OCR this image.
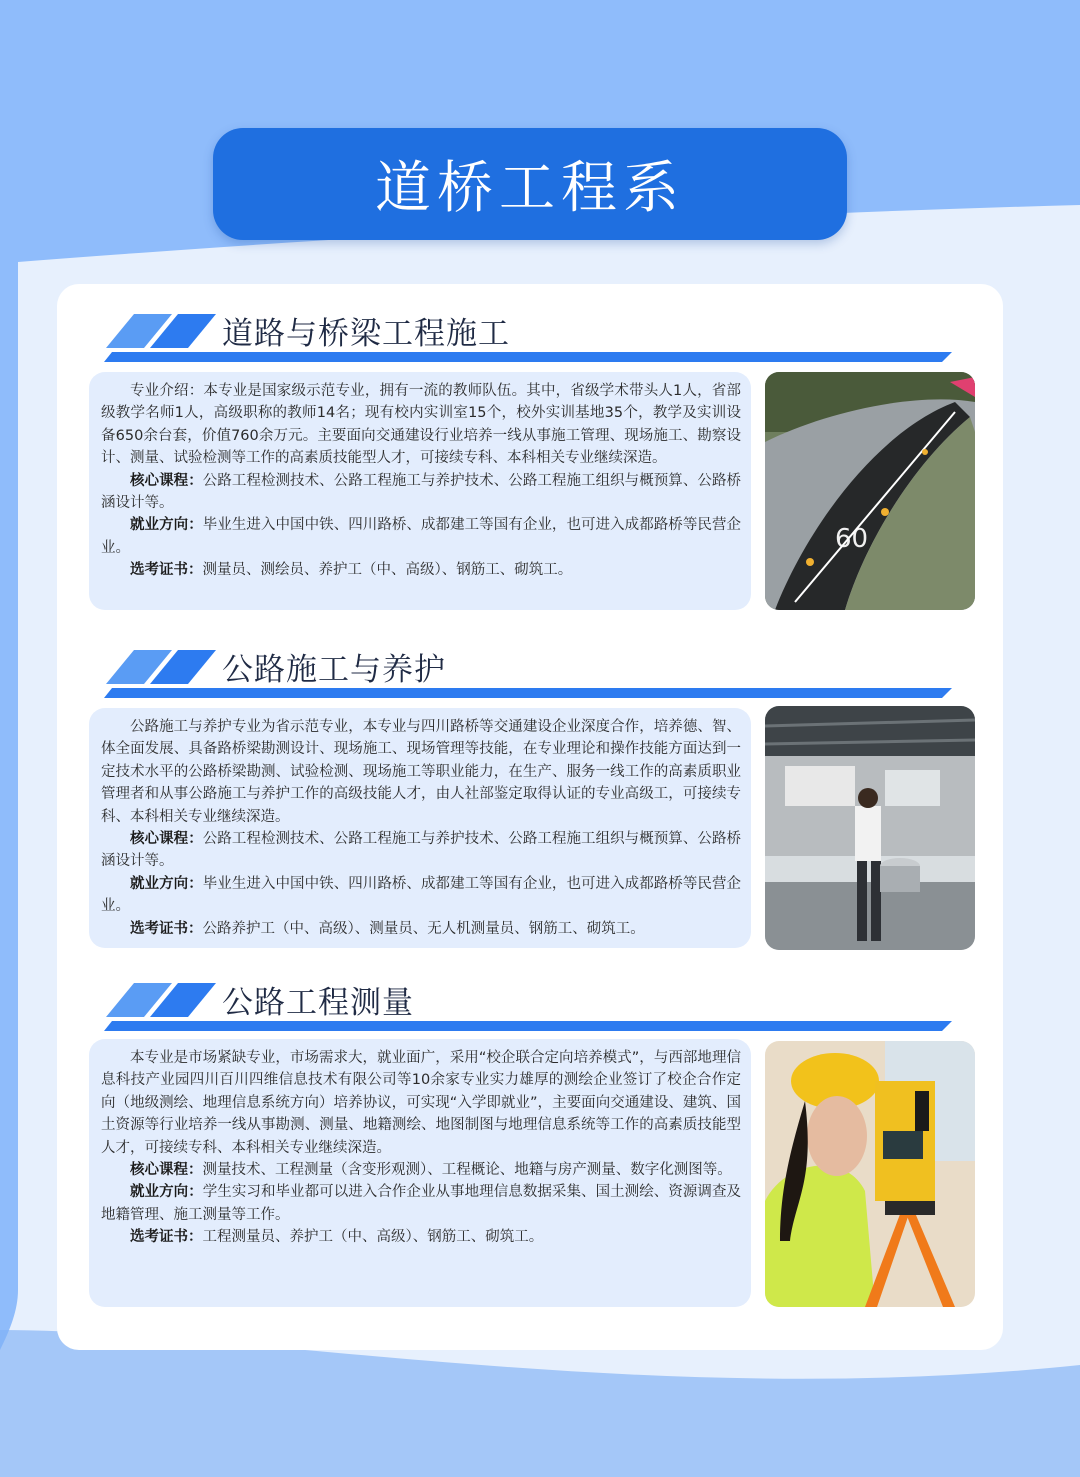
道桥工程系
道路与桥梁工程施工

专业介绍：本专业是国家级示范专业，拥有一流的教师队伍。其中，省级学术带头人1人，省部级教学名师1人，高级职称的教师14名；现有校内实训室15个，校外实训基地35个，教学及实训设备650余台套，价值760余万元。主要面向交通建设行业培养一线从事施工管理、现场施工、勘察设计、测量、试验检测等工作的高素质技能型人才，可接续专科、本科相关专业继续深造。

核心课程：公路工程检测技术、公路工程施工与养护技术、公路工程施工组织与概预算、公路桥涵设计等。

就业方向：毕业生进入中国中铁、四川路桥、成都建工等国有企业，也可进入成都路桥等民营企业。

选考证书：测量员、测绘员、养护工（中、高级）、钢筋工、砌筑工。

60
公路施工与养护

公路施工与养护专业为省示范专业，本专业与四川路桥等交通建设企业深度合作，培养德、智、体全面发展、具备路桥梁勘测设计、现场施工、现场管理等技能，在专业理论和操作技能方面达到一定技术水平的公路桥梁勘测、试验检测、现场施工等职业能力，在生产、服务一线工作的高素质职业管理者和从事公路施工与养护工作的高级技能人才，由人社部鉴定取得认证的专业高级工，可接续专科、本科相关专业继续深造。

核心课程：公路工程检测技术、公路工程施工与养护技术、公路工程施工组织与概预算、公路桥涵设计等。

就业方向：毕业生进入中国中铁、四川路桥、成都建工等国有企业，也可进入成都路桥等民营企业。

选考证书：公路养护工（中、高级）、测量员、无人机测量员、钢筋工、砌筑工。

公路工程测量

本专业是市场紧缺专业，市场需求大，就业面广，采用“校企联合定向培养模式”，与西部地理信息科技产业园四川百川四维信息技术有限公司等10余家专业实力雄厚的测绘企业签订了校企合作定向（地级测绘、地理信息系统方向）培养协议，可实现“入学即就业”，主要面向交通建设、建筑、国土资源等行业培养一线从事勘测、测量、地籍测绘、地图制图与地理信息系统等工作的高素质技能型人才，可接续专科、本科相关专业继续深造。

核心课程：测量技术、工程测量（含变形观测）、工程概论、地籍与房产测量、数字化测图等。

就业方向：学生实习和毕业都可以进入合作企业从事地理信息数据采集、国土测绘、资源调查及地籍管理、施工测量等工作。

选考证书：工程测量员、养护工（中、高级）、钢筋工、砌筑工。
